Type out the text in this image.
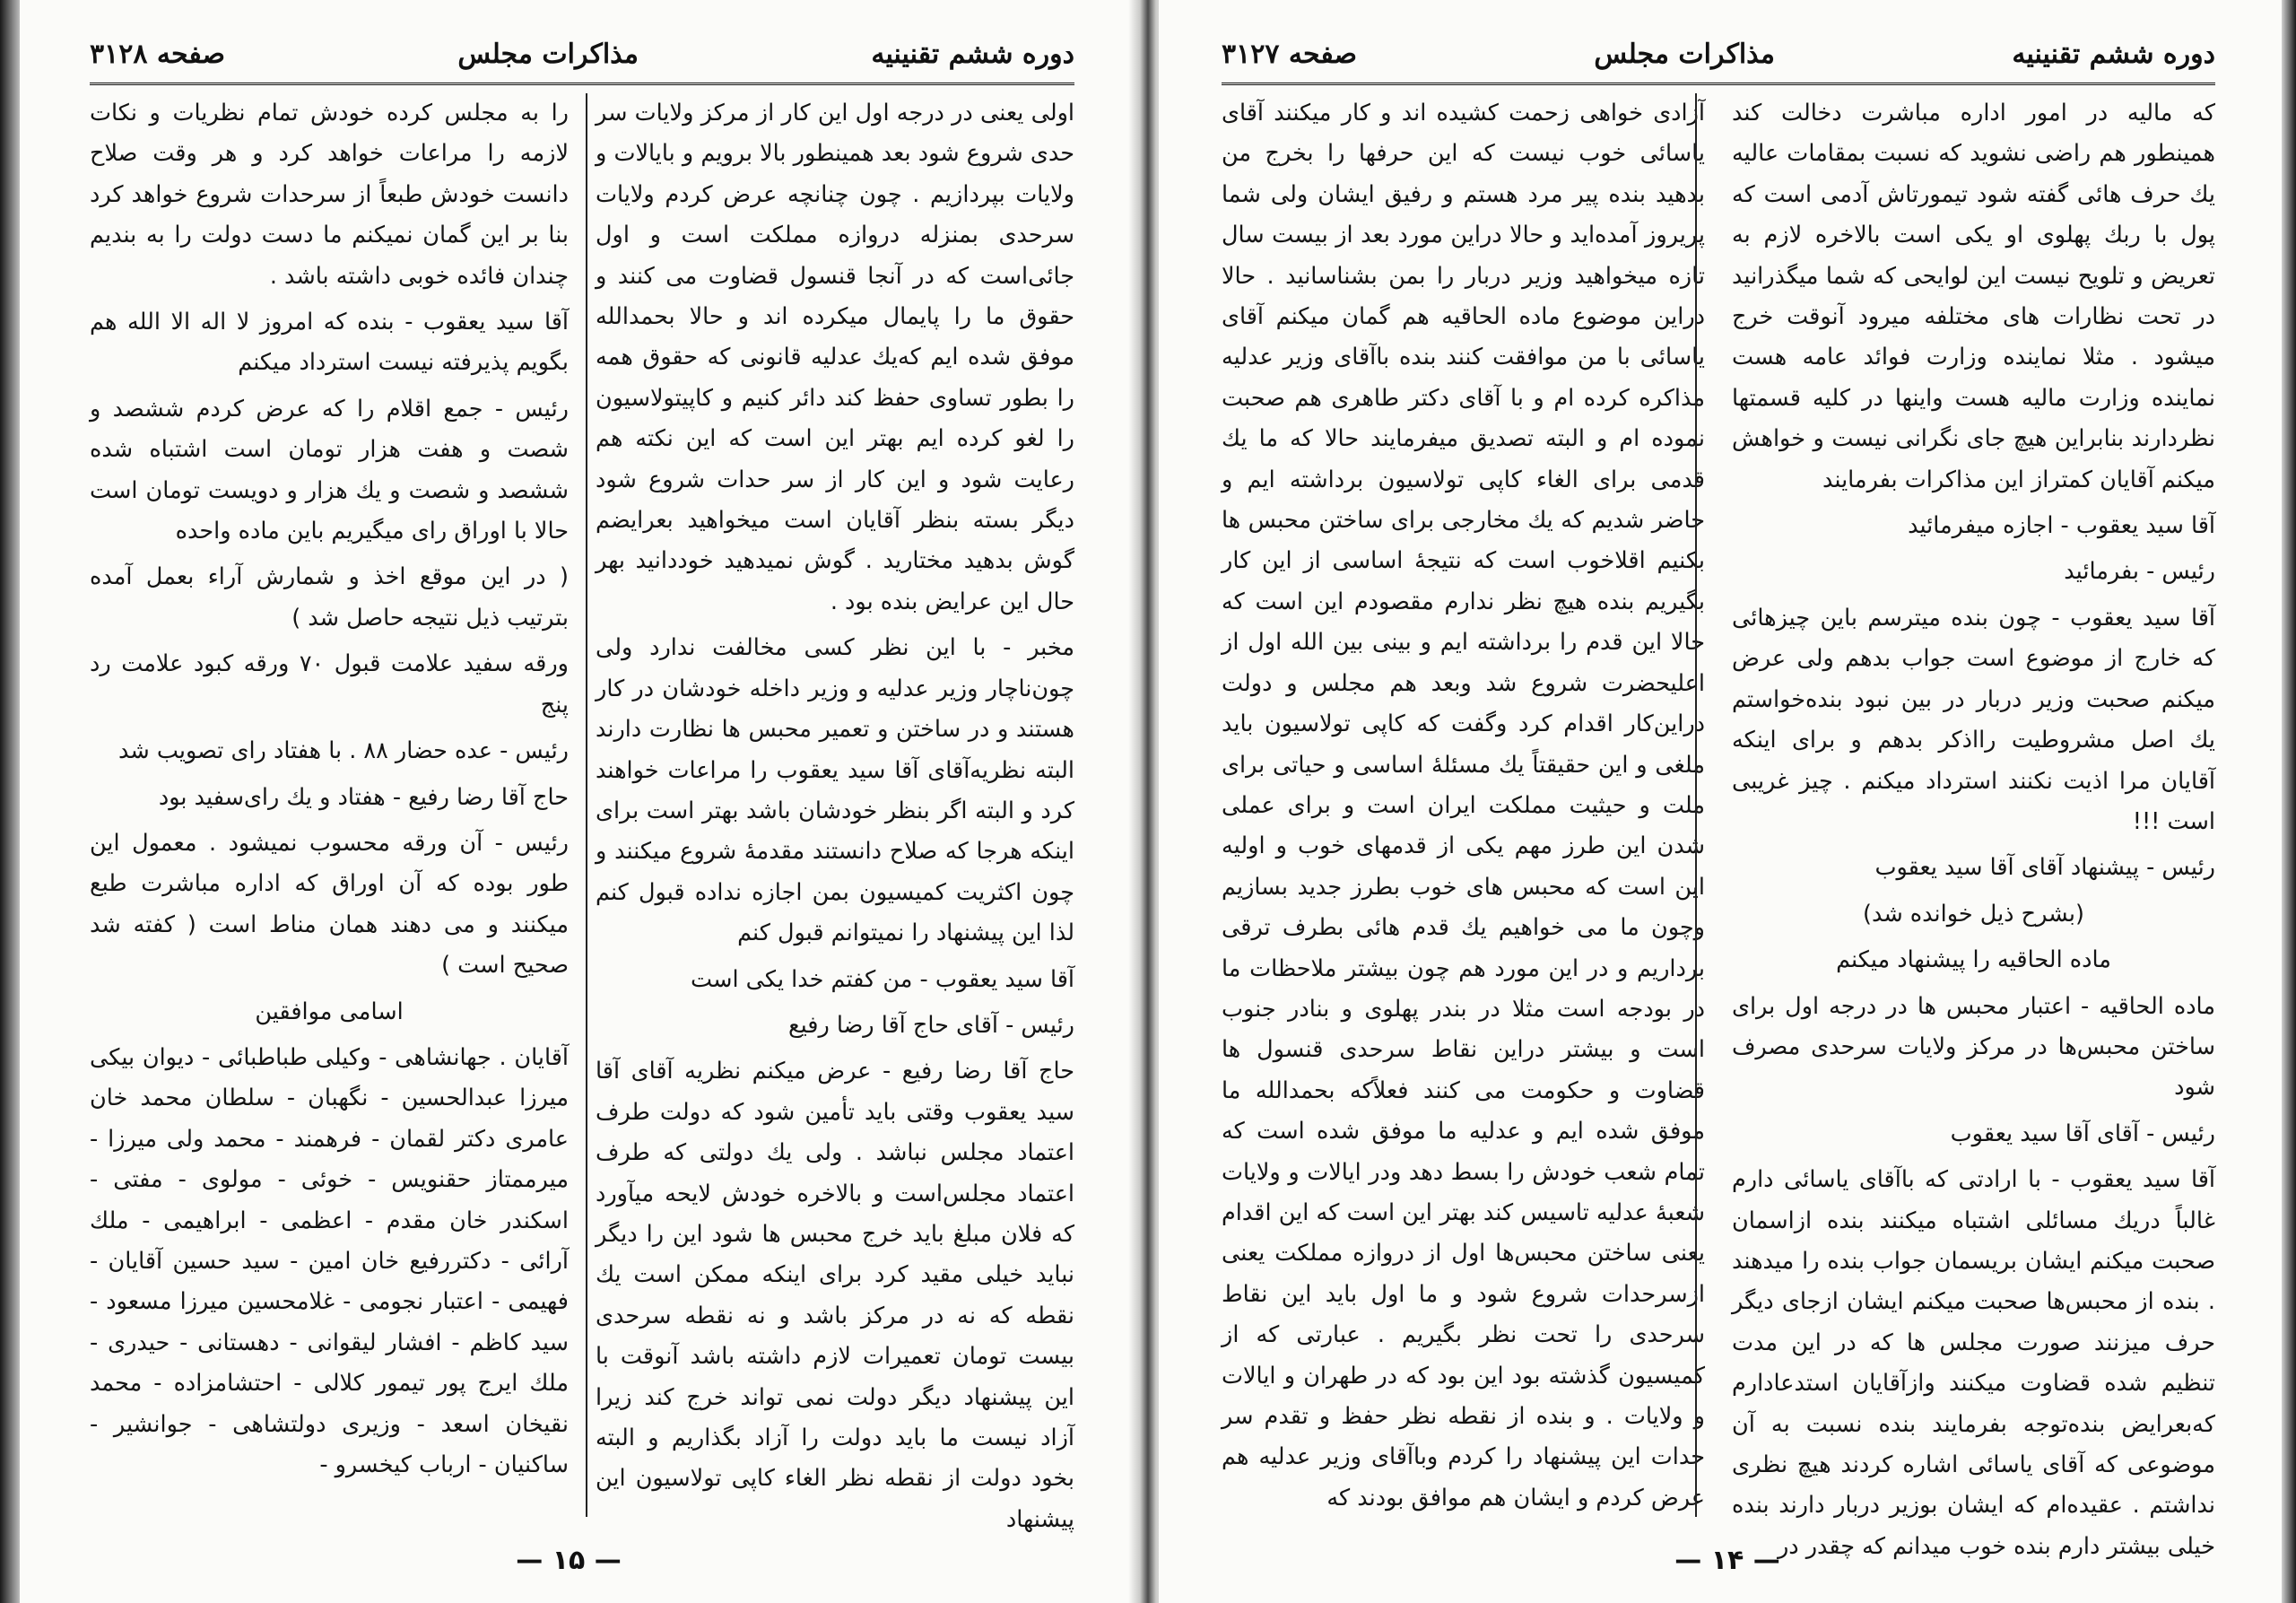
دوره ششم تقنینیه
مذاکرات مجلس
صفحه ۳۱۲۸

اولی یعنی در درجه اول این کار از مرکز ولایات سر حدی شروع شود بعد همینطور بالا برویم و بایالات و ولایات بپردازیم . چون چنانچه عرض کردم ولایات سرحدی بمنزله دروازه مملکت است و اول جائی‌است که در آنجا قنسول قضاوت می کنند و حقوق ما را پایمال میکرده اند و حالا بحمدالله موفق شده ایم که‌یك عدلیه قانونی که حقوق همه را بطور تساوی حفظ کند دائر کنیم و کاپیتولاسیون را لغو کرده ایم بهتر این است که این نکته هم رعایت شود و این کار از سر حدات شروع شود دیگر بسته بنظر آقایان است میخواهید بعرایضم گوش بدهید مختارید . گوش نمیدهید خوددانید بهر حال این عرایض بنده بود .

مخبر - با این نظر کسی مخالفت ندارد ولی چون‌ناچار وزیر عدلیه و وزیر داخله خودشان در کار هستند و در ساختن و تعمیر محبس ها نظارت دارند البته نظریه‌آقای آقا سید یعقوب را مراعات خواهند کرد و البته اگر بنظر خودشان باشد بهتر است برای اینکه هرجا که صلاح دانستند مقدمهٔ شروع میکنند و چون اکثریت کمیسیون بمن اجازه نداده قبول کنم لذا این پیشنهاد را نمیتوانم قبول کنم

آقا سید یعقوب - من کفتم خدا یکی است

رئیس - آقای حاج آقا رضا رفیع

حاج آقا رضا رفیع - عرض میکنم نظریه آقای آقا سید یعقوب وقتی باید تأمین شود که دولت طرف اعتماد مجلس نباشد . ولی یك دولتی که طرف اعتماد مجلس‌است و بالاخره خودش لایحه میآورد که فلان مبلغ باید خرج محبس ها شود این را دیگر نباید خیلی مقید کرد برای اینکه ممکن است یك نقطه که نه در مرکز باشد و نه نقطه سرحدی بیست تومان تعمیرات لازم داشته باشد آنوقت با این پیشنهاد دیگر دولت نمی تواند خرج کند زیرا آزاد نیست ما باید دولت را آزاد بگذاریم و البته بخود دولت از نقطه نظر الغاء کاپی تولاسیون این پیشنهاد

را به مجلس کرده خودش تمام نظریات و نکات لازمه را مراعات خواهد کرد و هر وقت صلاح دانست خودش طبعاً از سرحدات شروع خواهد کرد بنا بر این گمان نمیکنم ما دست دولت را به بندیم چندان فائده خوبی داشته باشد .

آقا سید یعقوب - بنده که امروز لا اله الا الله هم بگویم پذیرفته نیست استرداد میکنم

رئیس - جمع اقلام را که عرض کردم ششصد و شصت و هفت هزار تومان است اشتباه شده ششصد و شصت و یك هزار و دویست تومان است حالا با اوراق رای میگیریم باین ماده واحده

( در این موقع اخذ و شمارش آراء بعمل آمده بترتیب ذیل نتیجه حاصل شد )

ورقه سفید علامت قبول ۷۰ ورقه کبود علامت رد پنج

رئیس - عده حضار ۸۸ . با هفتاد رای تصویب شد

حاج آقا رضا رفیع - هفتاد و یك رای‌سفید بود

رئیس - آن ورقه محسوب نمیشود . معمول این طور بوده که آن اوراق که اداره مباشرت طبع میکنند و می دهند همان مناط است ( کفته شد صحیح است )

اسامی موافقین

آقایان . جهانشاهی - وکیلی طباطبائی - دیوان بیکی میرزا عبدالحسین - نگهبان - سلطان محمد خان عامری دکتر لقمان - فرهمند - محمد ولی میرزا - میرممتاز حقنویس - خوئی - مولوی - مفتی - اسکندر خان مقدم - اعظمی - ابراهیمی - ملك آرائی - دکتررفیع خان امین - سید حسین آقایان - فهیمی - اعتبار نجومی - غلامحسین میرزا مسعود - سید کاظم - افشار لیقوانی - دهستانی - حیدری - ملك ایرج پور تیمور کلالی - احتشامزاده - محمد نقیخان اسعد - وزیری دولتشاهی - جوانشیر - ساکنیان - ارباب کیخسرو -

— ۱۵ —
دوره ششم تقنینیه
مذاکرات مجلس
صفحه ۳۱۲۷

که مالیه در امور اداره مباشرت دخالت کند همینطور هم راضی نشوید که نسبت بمقامات عالیه یك حرف هائی گفته شود تیمورتاش آدمی است که پول با ربك پهلوی او یکی است بالاخره لازم به تعریض و تلویح نیست این لوایحی که شما میگذرانید در تحت نظارات های مختلفه میرود آنوقت خرج میشود . مثلا نماینده وزارت فوائد عامه هست نماینده وزارت مالیه هست واینها در کلیه قسمتها نظردارند بنابراین هیچ جای نگرانی نیست و خواهش میکنم آقایان کمتراز این مذاکرات بفرمایند

آقا سید یعقوب - اجازه میفرمائید

رئیس - بفرمائید

آقا سید یعقوب - چون بنده میترسم باین چیزهائی که خارج از موضوع است جواب بدهم ولی عرض میکنم صحبت وزیر دربار در بین نبود بنده‌خواستم یك اصل مشروطیت رااذکر بدهم و برای اینکه آقایان مرا اذیت نکنند استرداد میکنم . چیز غریبی است !!!

رئیس - پیشنهاد آقای آقا سید یعقوب

(بشرح ذیل خوانده شد)

ماده الحاقیه را پیشنهاد میکنم

ماده الحاقیه - اعتبار محبس ها در درجه اول برای ساختن محبس‌ها در مرکز ولایات سرحدی مصرف شود

رئیس - آقای آقا سید یعقوب

آقا سید یعقوب - با ارادتی که باآقای یاسائی دارم غالباً دریك مسائلی اشتباه میکنند بنده ازاسمان صحبت میکنم ایشان بریسمان جواب بنده را میدهند . بنده از محبس‌ها صحبت میکنم ایشان ازجای دیگر حرف میزنند صورت مجلس ها که در این مدت تنظیم شده قضاوت میکنند وازآقایان استدعادارم که‌بعرایض بنده‌توجه بفرمایند بنده نسبت به آن موضوعی که آقای یاسائی اشاره کردند هیچ نظری نداشتم . عقیده‌ام که ایشان بوزیر دربار دارند بنده خیلی بیشتر دارم بنده خوب میدانم که چقدر در

آزادی خواهی زحمت کشیده اند و کار میکنند آقای یاسائی خوب نیست که این حرفها را بخرج من بدهید بنده پیر مرد هستم و رفیق ایشان ولی شما پریروز آمده‌اید و حالا دراین مورد بعد از بیست سال تازه میخواهید وزیر دربار را بمن بشناسانید . حالا دراین موضوع ماده الحاقیه هم گمان میکنم آقای یاسائی با من موافقت کنند بنده باآقای وزیر عدلیه مذاکره کرده ام و با آقای دکتر طاهری هم صحبت نموده ام و البته تصدیق میفرمایند حالا که ما یك قدمی برای الغاء کاپی تولاسیون برداشته ایم و حاضر شدیم که یك مخارجی برای ساختن محبس ها بکنیم اقلاخوب است که نتیجهٔ اساسی از این کار بگیریم بنده هیچ نظر ندارم مقصودم این است که حالا این قدم را برداشته ایم و بینی بین الله اول از اعلیحضرت شروع شد وبعد هم مجلس و دولت دراین‌کار اقدام کرد وگفت که کاپی تولاسیون باید ملغی و این حقیقتاً یك مسئلهٔ اساسی و حیاتی برای ملت و حیثیت مملکت ایران است و برای عملی شدن این طرز مهم یکی از قدمهای خوب و اولیه این است که محبس های خوب بطرز جدید بسازیم وچون ما می خواهیم یك قدم هائی بطرف ترقی برداریم و در این مورد هم چون بیشتر ملاحظات ما در بودجه است مثلا در بندر پهلوی و بنادر جنوب است و بیشتر دراین نقاط سرحدی قنسول ها قضاوت و حکومت می کنند فعلاًکه بحمدالله ما موفق شده ایم و عدلیه ما موفق شده است که تمام شعب خودش را بسط دهد ودر ایالات و ولایات شعبهٔ عدلیه تاسیس کند بهتر این است که این اقدام یعنی ساختن محبس‌ها اول از دروازه مملکت یعنی ازسرحدات شروع شود و ما اول باید این نقاط سرحدی را تحت نظر بگیریم . عبارتی که از کمیسیون گذشته بود این بود که در طهران و ایالات و ولایات . و بنده از نقطه نظر حفظ و تقدم سر حدات این پیشنهاد را کردم وباآقای وزیر عدلیه هم عرض کردم و ایشان هم موافق بودند که

— ۱۴ —
